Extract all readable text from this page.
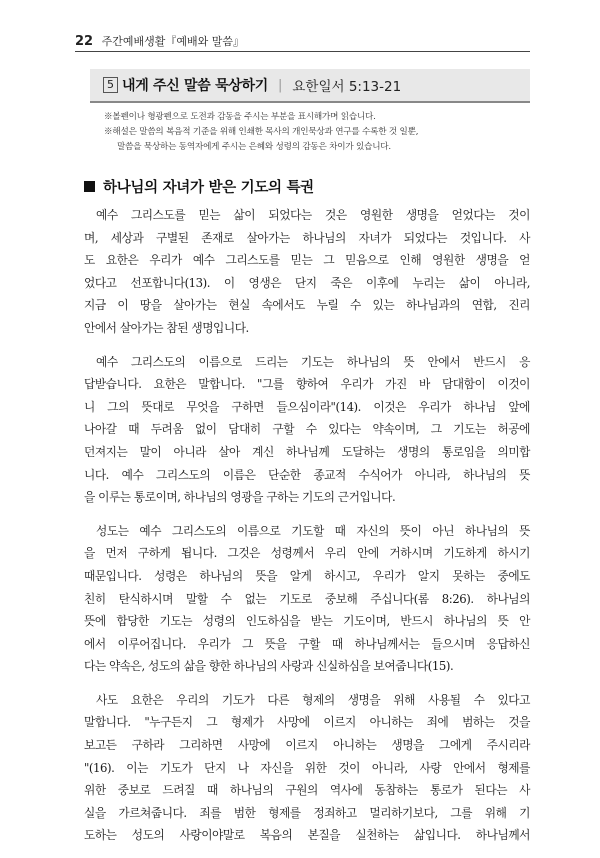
22 주간예배생활『예배와 말씀』
5 내게 주신 말씀 묵상하기 | 요한일서 5:13-21
※볼펜이나 형광펜으로 도전과 감동을 주시는 부분을 표시해가며 읽습니다.
※해설은 말씀의 복음적 기준을 위해 인쇄한 목사의 개인묵상과 연구를 수록한 것 일뿐,
말씀을 묵상하는 동역자에게 주시는 은혜와 성령의 감동은 차이가 있습니다.
하나님의 자녀가 받은 기도의 특권
예수 그리스도를 믿는 삶이 되었다는 것은 영원한 생명을 얻었다는 것이
며, 세상과 구별된 존재로 살아가는 하나님의 자녀가 되었다는 것입니다. 사
도 요한은 우리가 예수 그리스도를 믿는 그 믿음으로 인해 영원한 생명을 얻
었다고 선포합니다(13). 이 영생은 단지 죽은 이후에 누리는 삶이 아니라,
지금 이 땅을 살아가는 현실 속에서도 누릴 수 있는 하나님과의 연합, 진리
안에서 살아가는 참된 생명입니다.
예수 그리스도의 이름으로 드리는 기도는 하나님의 뜻 안에서 반드시 응
답받습니다. 요한은 말합니다. "그를 향하여 우리가 가진 바 담대함이 이것이
니 그의 뜻대로 무엇을 구하면 들으심이라"(14). 이것은 우리가 하나님 앞에
나아갈 때 두려움 없이 담대히 구할 수 있다는 약속이며, 그 기도는 허공에
던져지는 말이 아니라 살아 계신 하나님께 도달하는 생명의 통로임을 의미합
니다. 예수 그리스도의 이름은 단순한 종교적 수식어가 아니라, 하나님의 뜻
을 이루는 통로이며, 하나님의 영광을 구하는 기도의 근거입니다.
성도는 예수 그리스도의 이름으로 기도할 때 자신의 뜻이 아닌 하나님의 뜻
을 먼저 구하게 됩니다. 그것은 성령께서 우리 안에 거하시며 기도하게 하시기
때문입니다. 성령은 하나님의 뜻을 알게 하시고, 우리가 알지 못하는 중에도
친히 탄식하시며 말할 수 없는 기도로 중보해 주십니다(롬 8:26). 하나님의
뜻에 합당한 기도는 성령의 인도하심을 받는 기도이며, 반드시 하나님의 뜻 안
에서 이루어집니다. 우리가 그 뜻을 구할 때 하나님께서는 들으시며 응답하신
다는 약속은, 성도의 삶을 향한 하나님의 사랑과 신실하심을 보여줍니다(15).
사도 요한은 우리의 기도가 다른 형제의 생명을 위해 사용될 수 있다고
말합니다. "누구든지 그 형제가 사망에 이르지 아니하는 죄에 범하는 것을
보고든 구하라 그리하면 사망에 이르지 아니하는 생명을 그에게 주시리라
"(16). 이는 기도가 단지 나 자신을 위한 것이 아니라, 사랑 안에서 형제를
위한 중보로 드려질 때 하나님의 구원의 역사에 동참하는 통로가 된다는 사
실을 가르쳐줍니다. 죄를 범한 형제를 정죄하고 멀리하기보다, 그를 위해 기
도하는 성도의 사랑이야말로 복음의 본질을 실천하는 삶입니다. 하나님께서
